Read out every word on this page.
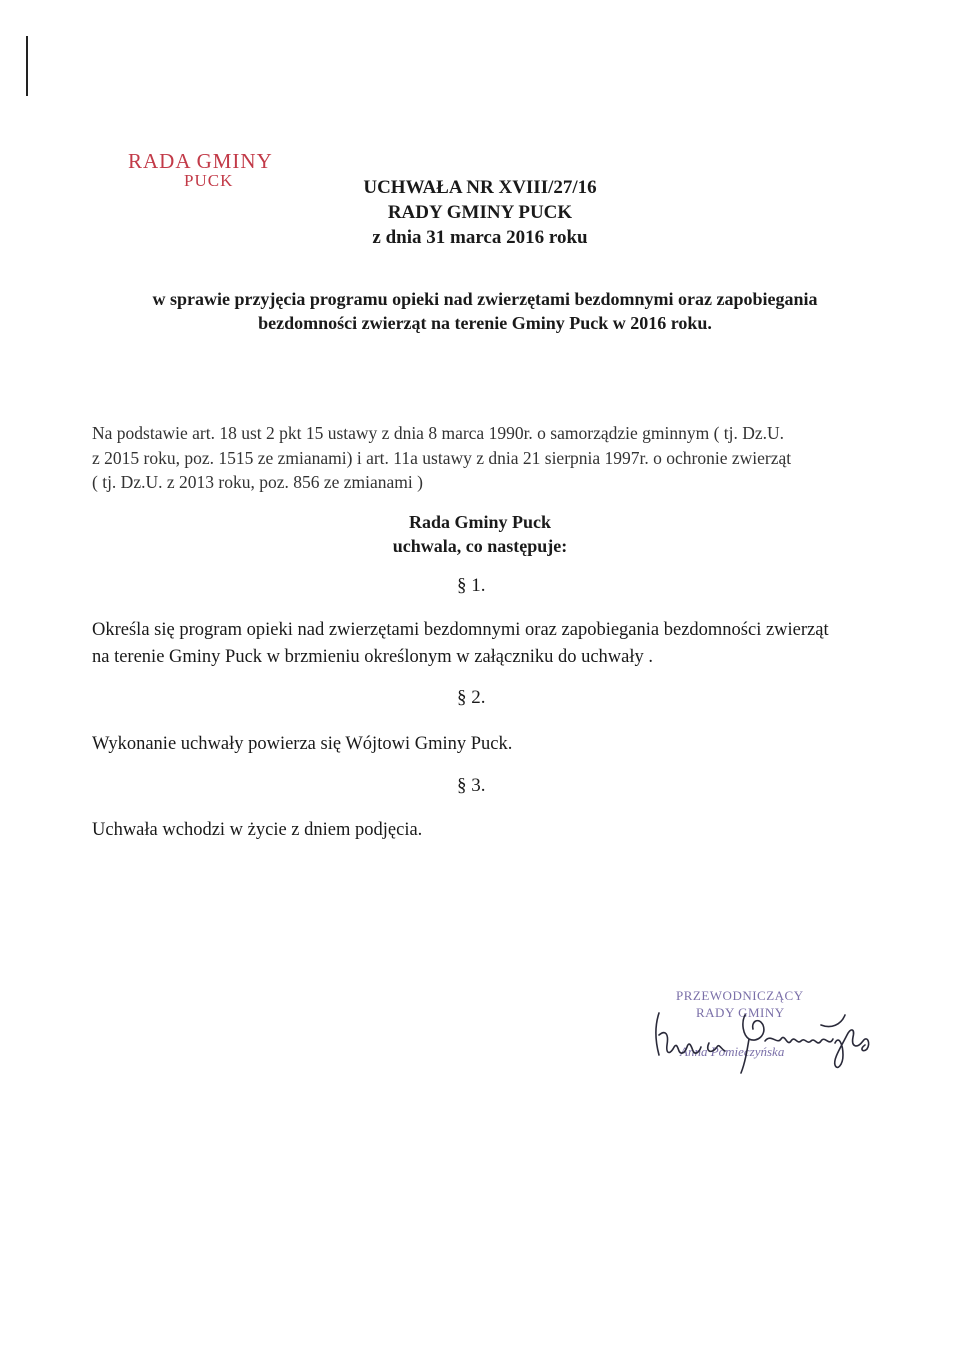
RADA GMINY
PUCK	UCHWAŁA NR XVIII/27/16
RADY GMINY PUCK
z dnia 31 marca 2016 roku
w sprawie przyjęcia programu opieki nad zwierzętami bezdomnymi oraz zapobiegania
bezdomności zwierząt na terenie Gminy Puck w 2016 roku.
Na podstawie art. 18 ust 2 pkt 15 ustawy z dnia 8 marca 1990r. o samorządzie gminnym ( tj. Dz.U.
z 2015 roku, poz. 1515 ze zmianami) i art. 11a ustawy z dnia 21 sierpnia 1997r. o ochronie zwierząt
( tj. Dz.U. z 2013 roku, poz. 856 ze zmianami )
Rada Gminy Puck
uchwala, co następuje:
§ 1.
Określa się program opieki nad zwierzętami bezdomnymi oraz zapobiegania bezdomności zwierząt
na terenie Gminy Puck w brzmieniu określonym w załączniku do uchwały .
§ 2.
Wykonanie uchwały powierza się Wójtowi Gminy Puck.
§ 3.
Uchwała wchodzi w życie z dniem podjęcia.
PRZEWODNICZĄCY
RADY GMINY
Anna Pomieczyńska
